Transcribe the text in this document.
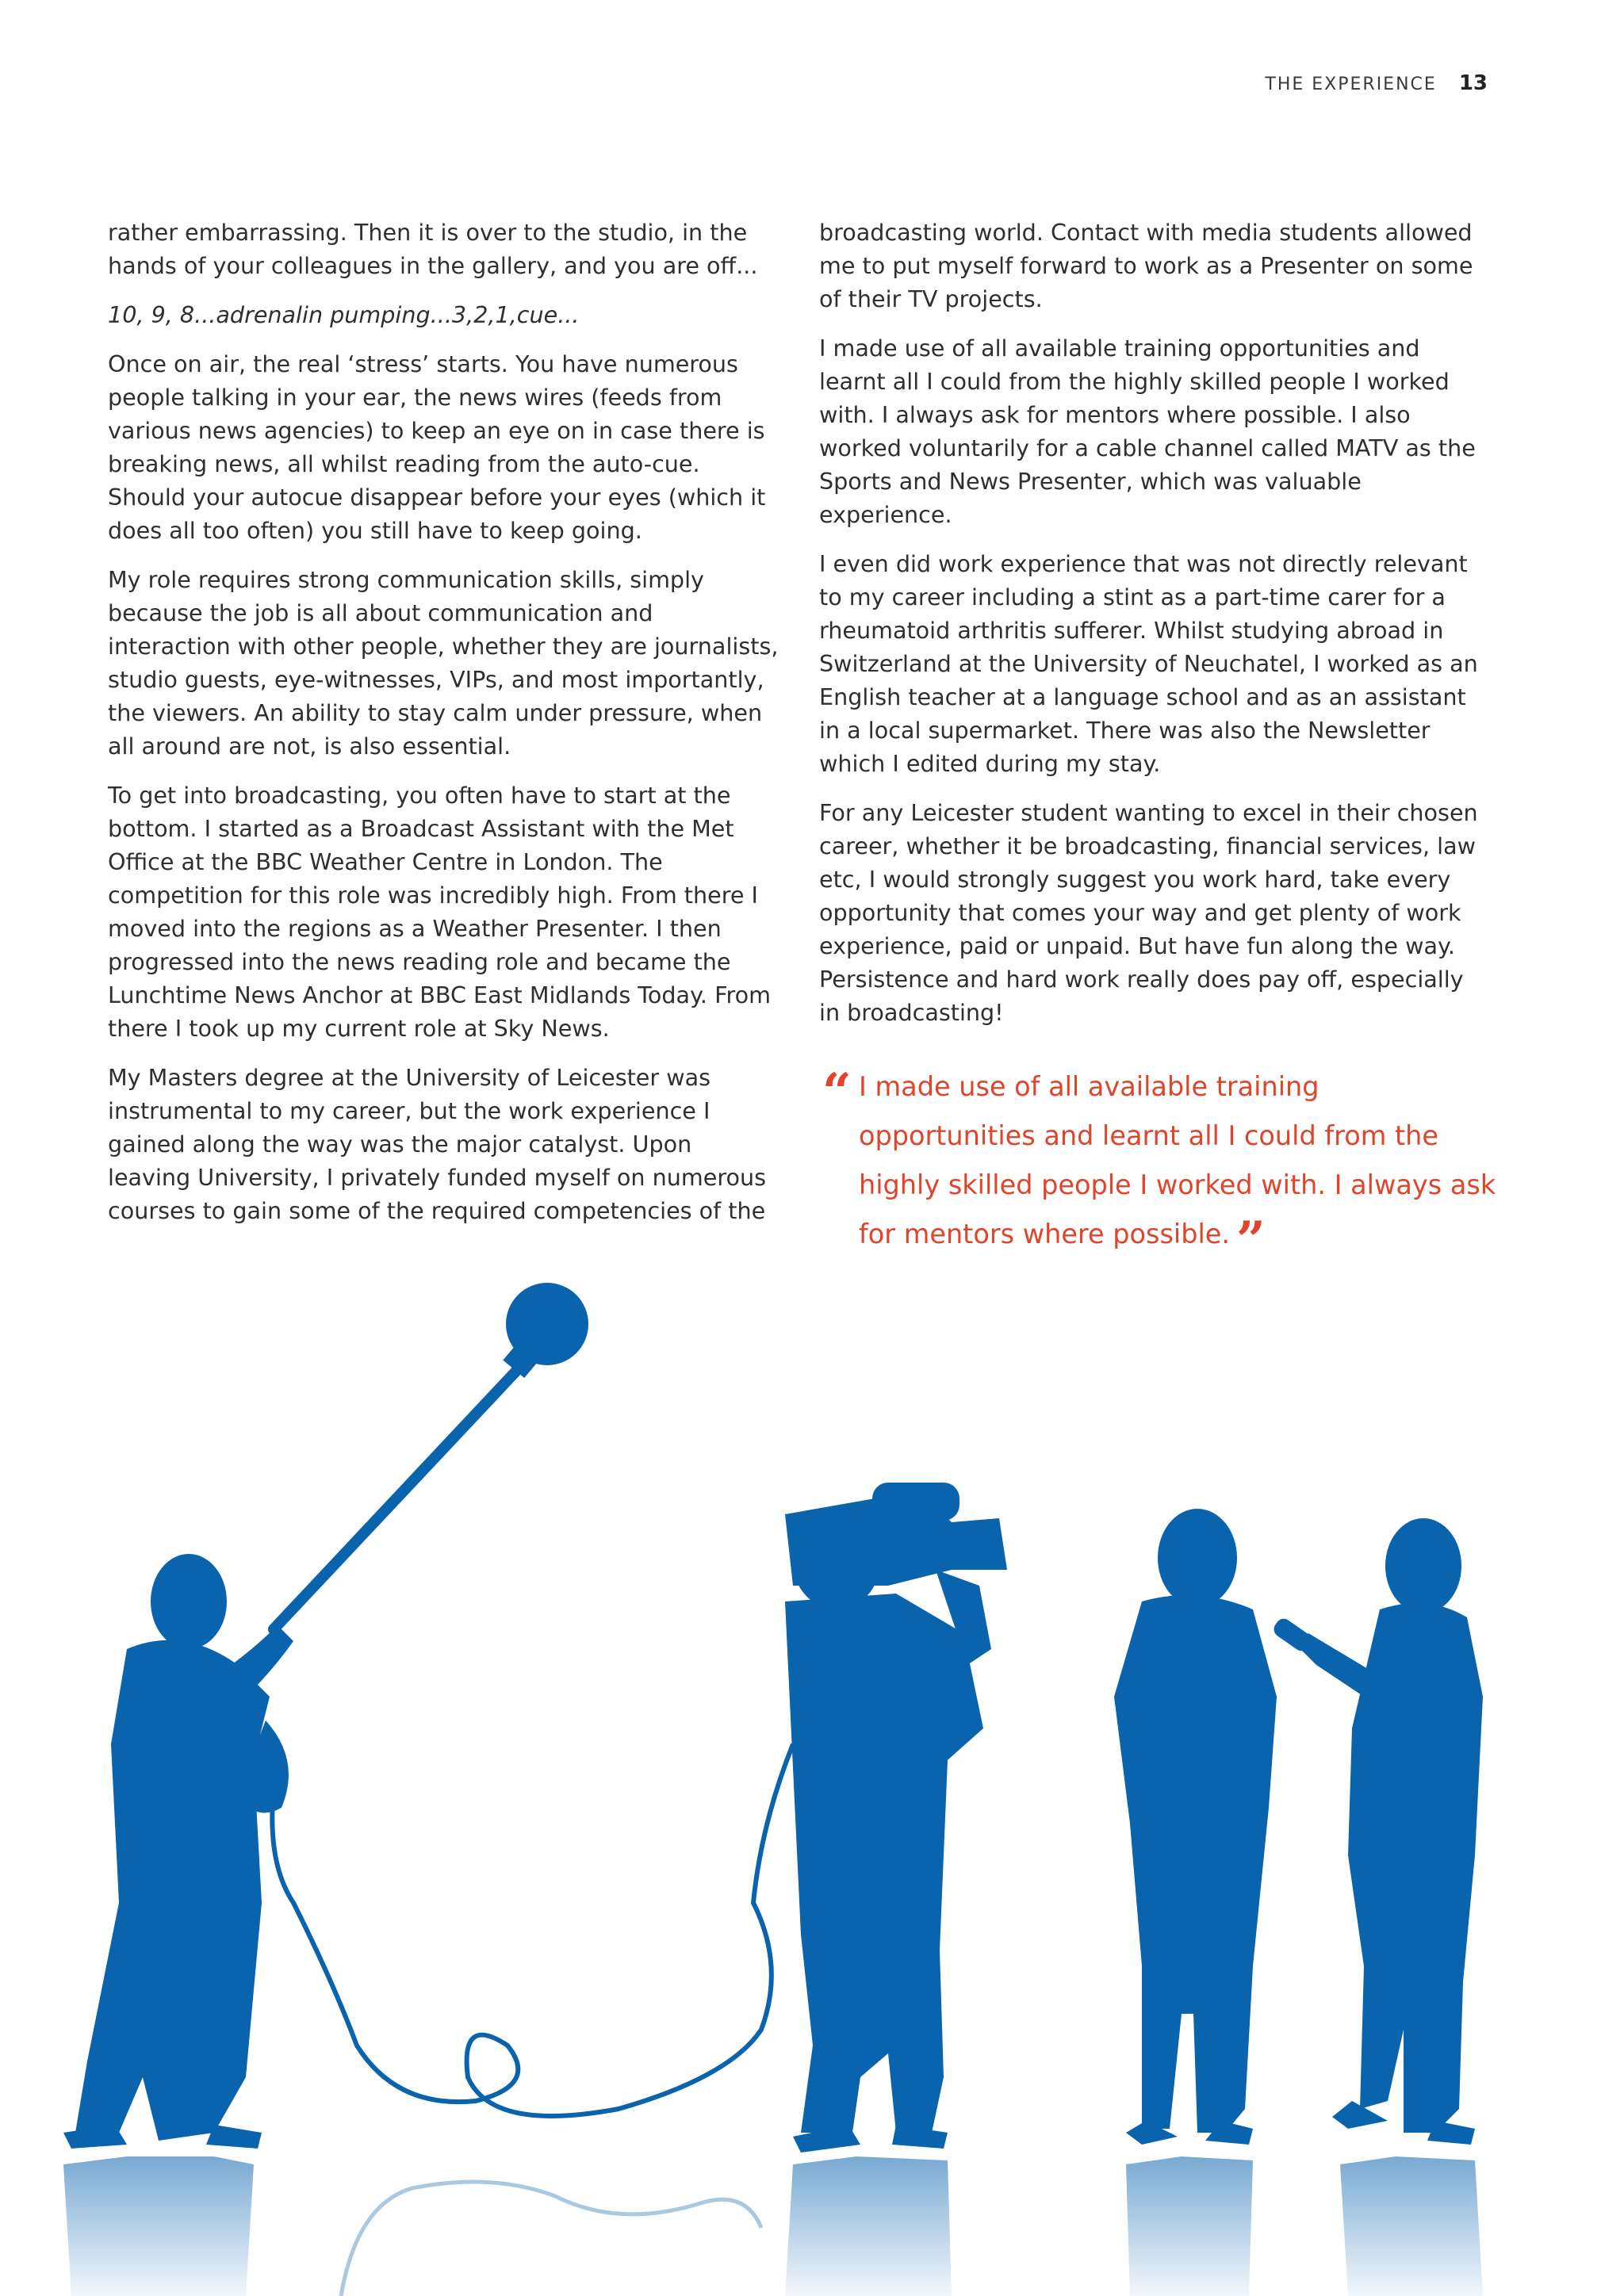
THE EXPERIENCE 13

rather embarrassing. Then it is over to the studio, in the hands of your colleagues in the gallery, and you are off...

10, 9, 8...adrenalin pumping...3,2,1,cue...

Once on air, the real ‘stress’ starts. You have numerous people talking in your ear, the news wires (feeds from various news agencies) to keep an eye on in case there is breaking news, all whilst reading from the auto-cue. Should your autocue disappear before your eyes (which it does all too often) you still have to keep going.

My role requires strong communication skills, simply because the job is all about communication and interaction with other people, whether they are journalists, studio guests, eye-witnesses, VIPs, and most importantly, the viewers. An ability to stay calm under pressure, when all around are not, is also essential.

To get into broadcasting, you often have to start at the bottom. I started as a Broadcast Assistant with the Met Office at the BBC Weather Centre in London. The competition for this role was incredibly high. From there I moved into the regions as a Weather Presenter. I then progressed into the news reading role and became the Lunchtime News Anchor at BBC East Midlands Today. From there I took up my current role at Sky News.

My Masters degree at the University of Leicester was instrumental to my career, but the work experience I gained along the way was the major catalyst. Upon leaving University, I privately funded myself on numerous courses to gain some of the required competencies of the

broadcasting world. Contact with media students allowed me to put myself forward to work as a Presenter on some of their TV projects.

I made use of all available training opportunities and learnt all I could from the highly skilled people I worked with. I always ask for mentors where possible. I also worked voluntarily for a cable channel called MATV as the Sports and News Presenter, which was valuable experience.

I even did work experience that was not directly relevant to my career including a stint as a part-time carer for a rheumatoid arthritis sufferer. Whilst studying abroad in Switzerland at the University of Neuchatel, I worked as an English teacher at a language school and as an assistant in a local supermarket. There was also the Newsletter which I edited during my stay.

For any Leicester student wanting to excel in their chosen career, whether it be broadcasting, financial services, law etc, I would strongly suggest you work hard, take every opportunity that comes your way and get plenty of work experience, paid or unpaid. But have fun along the way. Persistence and hard work really does pay off, especially in broadcasting!

“ I made use of all available training opportunities and learnt all I could from the highly skilled people I worked with. I always ask for mentors where possible. ”
